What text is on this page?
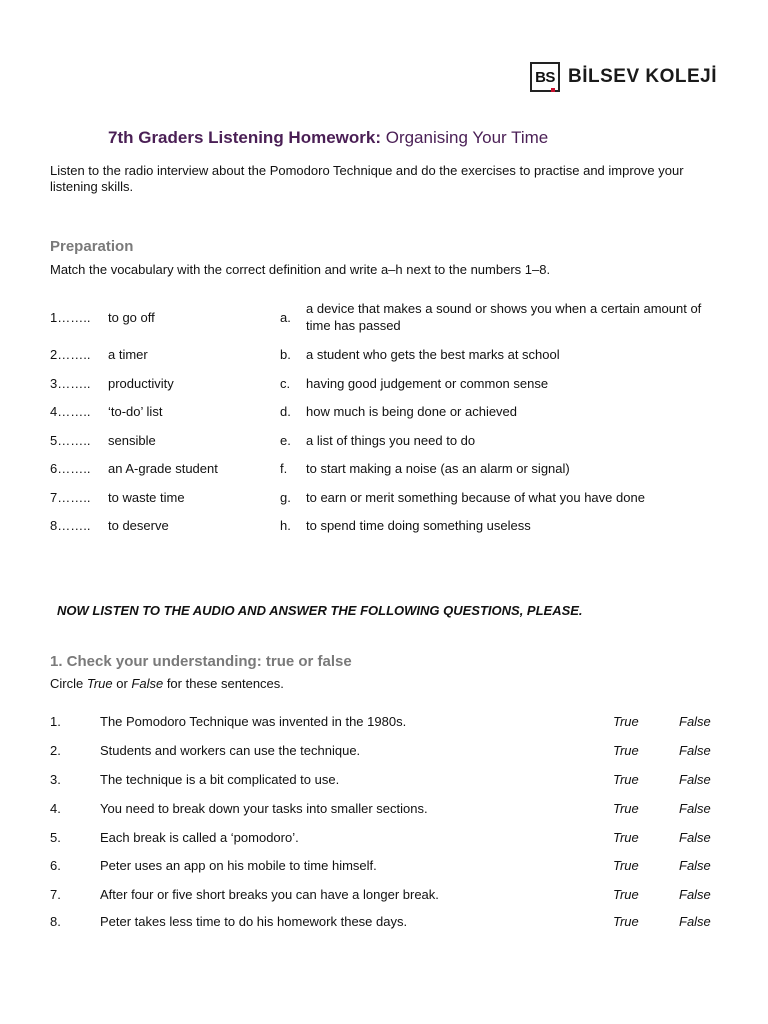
BS BİLSEV KOLEJİ
7th Graders Listening Homework: Organising Your Time
Listen to the radio interview about the Pomodoro Technique and do the exercises to practise and improve your listening skills.
Preparation
Match the vocabulary with the correct definition and write a–h next to the numbers 1–8.
1…….. to go off	a.
a device that makes a sound or shows you when a certain amount of time has passed
2…….. a timer	b. a student who gets the best marks at school
3…….. productivity	c. having good judgement or common sense
4…….. ‘to-do’ list	d. how much is being done or achieved
5…….. sensible	e. a list of things you need to do
6…….. an A-grade student	f. to start making a noise (as an alarm or signal)
7…….. to waste time	g. to earn or merit something because of what you have done
8…….. to deserve	h. to spend time doing something useless
NOW LISTEN TO THE AUDIO AND ANSWER THE FOLLOWING QUESTIONS, PLEASE.
1. Check your understanding: true or false
Circle True or False for these sentences.
1.	The Pomodoro Technique was invented in the 1980s.	True	False
2.	Students and workers can use the technique.	True	False
3.	The technique is a bit complicated to use.	True	False
4.	You need to break down your tasks into smaller sections.	True	False
5.	Each break is called a ‘pomodoro’.	True	False
6.	Peter uses an app on his mobile to time himself.	True	False
7.	After four or five short breaks you can have a longer break.	True	False
8.	Peter takes less time to do his homework these days.	True	False
